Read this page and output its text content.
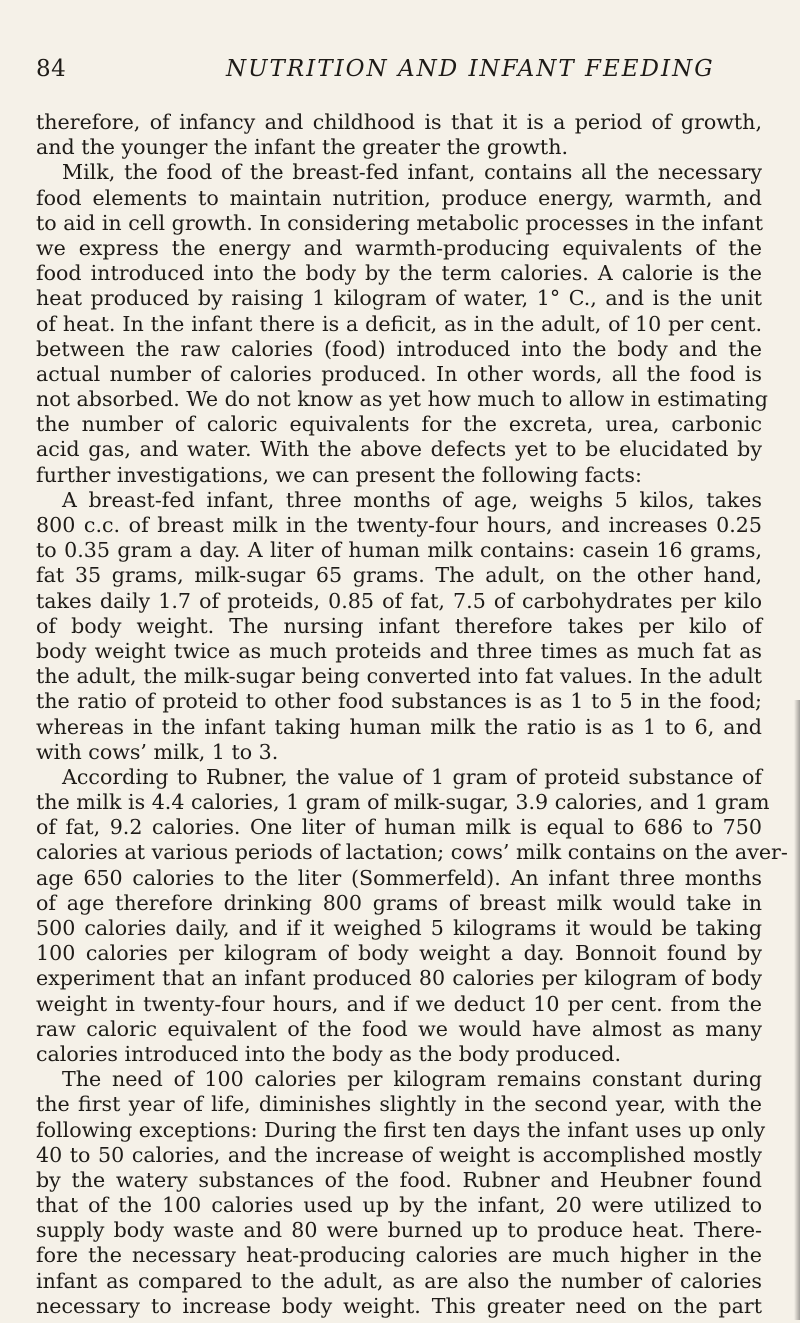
84	NUTRITION AND INFANT FEEDING
therefore, of infancy and childhood is that it is a period of growth,
and the younger the infant the greater the growth.
Milk, the food of the breast-fed infant, contains all the necessary
food elements to maintain nutrition, produce energy, warmth, and
to aid in cell growth. In considering metabolic processes in the infant
we express the energy and warmth-producing equivalents of the
food introduced into the body by the term calories. A calorie is the
heat produced by raising 1 kilogram of water, 1° C., and is the unit
of heat. In the infant there is a deficit, as in the adult, of 10 per cent.
between the raw calories (food) introduced into the body and the
actual number of calories produced. In other words, all the food is
not absorbed. We do not know as yet how much to allow in estimating
the number of caloric equivalents for the excreta, urea, carbonic
acid gas, and water. With the above defects yet to be elucidated by
further investigations, we can present the following facts:
A breast-fed infant, three months of age, weighs 5 kilos, takes
800 c.c. of breast milk in the twenty-four hours, and increases 0.25
to 0.35 gram a day. A liter of human milk contains: casein 16 grams,
fat 35 grams, milk-sugar 65 grams. The adult, on the other hand,
takes daily 1.7 of proteids, 0.85 of fat, 7.5 of carbohydrates per kilo
of body weight. The nursing infant therefore takes per kilo of
body weight twice as much proteids and three times as much fat as
the adult, the milk-sugar being converted into fat values. In the adult
the ratio of proteid to other food substances is as 1 to 5 in the food;
whereas in the infant taking human milk the ratio is as 1 to 6, and
with cows’ milk, 1 to 3.
According to Rubner, the value of 1 gram of proteid substance of
the milk is 4.4 calories, 1 gram of milk-sugar, 3.9 calories, and 1 gram
of fat, 9.2 calories. One liter of human milk is equal to 686 to 750
calories at various periods of lactation; cows’ milk contains on the aver-
age 650 calories to the liter (Sommerfeld). An infant three months
of age therefore drinking 800 grams of breast milk would take in
500 calories daily, and if it weighed 5 kilograms it would be taking
100 calories per kilogram of body weight a day. Bonnoit found by
experiment that an infant produced 80 calories per kilogram of body
weight in twenty-four hours, and if we deduct 10 per cent. from the
raw caloric equivalent of the food we would have almost as many
calories introduced into the body as the body produced.
The need of 100 calories per kilogram remains constant during
the first year of life, diminishes slightly in the second year, with the
following exceptions: During the first ten days the infant uses up only
40 to 50 calories, and the increase of weight is accomplished mostly
by the watery substances of the food. Rubner and Heubner found
that of the 100 calories used up by the infant, 20 were utilized to
supply body waste and 80 were burned up to produce heat. There-
fore the necessary heat-producing calories are much higher in the
infant as compared to the adult, as are also the number of calories
necessary to increase body weight. This greater need on the part
